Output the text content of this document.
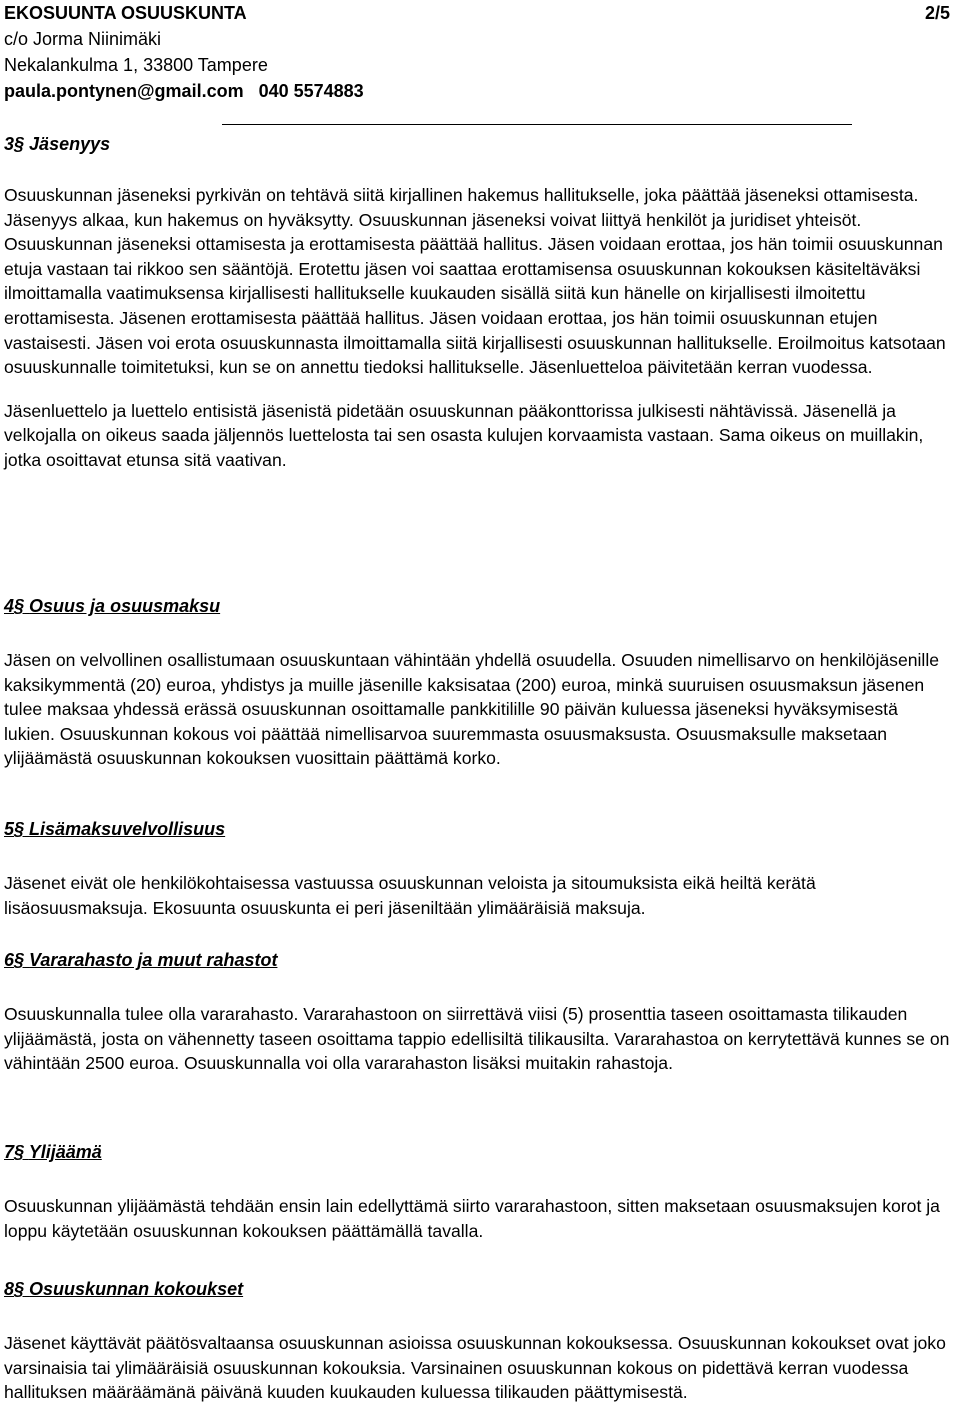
EKOSUUNTA OSUUSKUNTA
c/o Jorma Niinimäki
Nekalankulma 1, 33800 Tampere
paula.pontynen@gmail.com   040 5574883
2/5
3§ Jäsenyys

Osuuskunnan jäseneksi pyrkivän on tehtävä siitä kirjallinen hakemus hallitukselle, joka päättää jäseneksi ottamisesta. Jäsenyys alkaa, kun hakemus on hyväksytty. Osuuskunnan jäseneksi voivat liittyä henkilöt ja juridiset yhteisöt. Osuuskunnan jäseneksi ottamisesta ja erottamisesta päättää hallitus. Jäsen voidaan erottaa, jos hän toimii osuuskunnan etuja vastaan tai rikkoo sen sääntöjä. Erotettu jäsen voi saattaa erottamisensa osuuskunnan kokouksen käsiteltäväksi ilmoittamalla vaatimuksensa kirjallisesti hallitukselle kuukauden sisällä siitä kun hänelle on kirjallisesti ilmoitettu erottamisesta. Jäsenen erottamisesta päättää hallitus. Jäsen voidaan erottaa, jos hän toimii osuuskunnan etujen vastaisesti. Jäsen voi erota osuuskunnasta ilmoittamalla siitä kirjallisesti osuuskunnan hallitukselle. Eroilmoitus katsotaan osuuskunnalle toimitetuksi, kun se on annettu tiedoksi hallitukselle. Jäsenluetteloa päivitetään kerran vuodessa.

Jäsenluettelo ja luettelo entisistä jäsenistä pidetään osuuskunnan pääkonttorissa julkisesti nähtävissä. Jäsenellä ja velkojalla on oikeus saada jäljennös luettelosta tai sen osasta kulujen korvaamista vastaan. Sama oikeus on muillakin, jotka osoittavat etunsa sitä vaativan.

4§ Osuus ja osuusmaksu

Jäsen on velvollinen osallistumaan osuuskuntaan vähintään yhdellä osuudella. Osuuden nimellisarvo on henkilöjäsenille kaksikymmentä (20) euroa, yhdistys ja muille jäsenille kaksisataa (200) euroa, minkä suuruisen osuusmaksun jäsenen tulee maksaa yhdessä erässä osuuskunnan osoittamalle pankkitilille 90 päivän kuluessa jäseneksi hyväksymisestä lukien. Osuuskunnan kokous voi päättää nimellisarvoa suuremmasta osuusmaksusta. Osuusmaksulle maksetaan ylijäämästä osuuskunnan kokouksen vuosittain päättämä korko.

5§ Lisämaksuvelvollisuus

Jäsenet eivät ole henkilökohtaisessa vastuussa osuuskunnan veloista ja sitoumuksista eikä heiltä kerätä lisäosuusmaksuja. Ekosuunta osuuskunta ei peri jäseniltään ylimääräisiä maksuja.

6§ Vararahasto ja muut rahastot

Osuuskunnalla tulee olla vararahasto. Vararahastoon on siirrettävä viisi (5) prosenttia taseen osoittamasta tilikauden ylijäämästä, josta on vähennetty taseen osoittama tappio edellisiltä tilikausilta. Vararahastoa on kerrytettävä kunnes se on vähintään 2500 euroa. Osuuskunnalla voi olla vararahaston lisäksi muitakin rahastoja.

7§ Ylijäämä

Osuuskunnan ylijäämästä tehdään ensin lain edellyttämä siirto vararahastoon, sitten maksetaan osuusmaksujen korot ja loppu käytetään osuuskunnan kokouksen päättämällä tavalla.

8§ Osuuskunnan kokoukset

Jäsenet käyttävät päätösvaltaansa osuuskunnan asioissa osuuskunnan kokouksessa. Osuuskunnan kokoukset ovat joko varsinaisia tai ylimääräisiä osuuskunnan kokouksia. Varsinainen osuuskunnan kokous on pidettävä kerran vuodessa hallituksen määräämänä päivänä kuuden kuukauden kuluessa tilikauden päättymisestä.
